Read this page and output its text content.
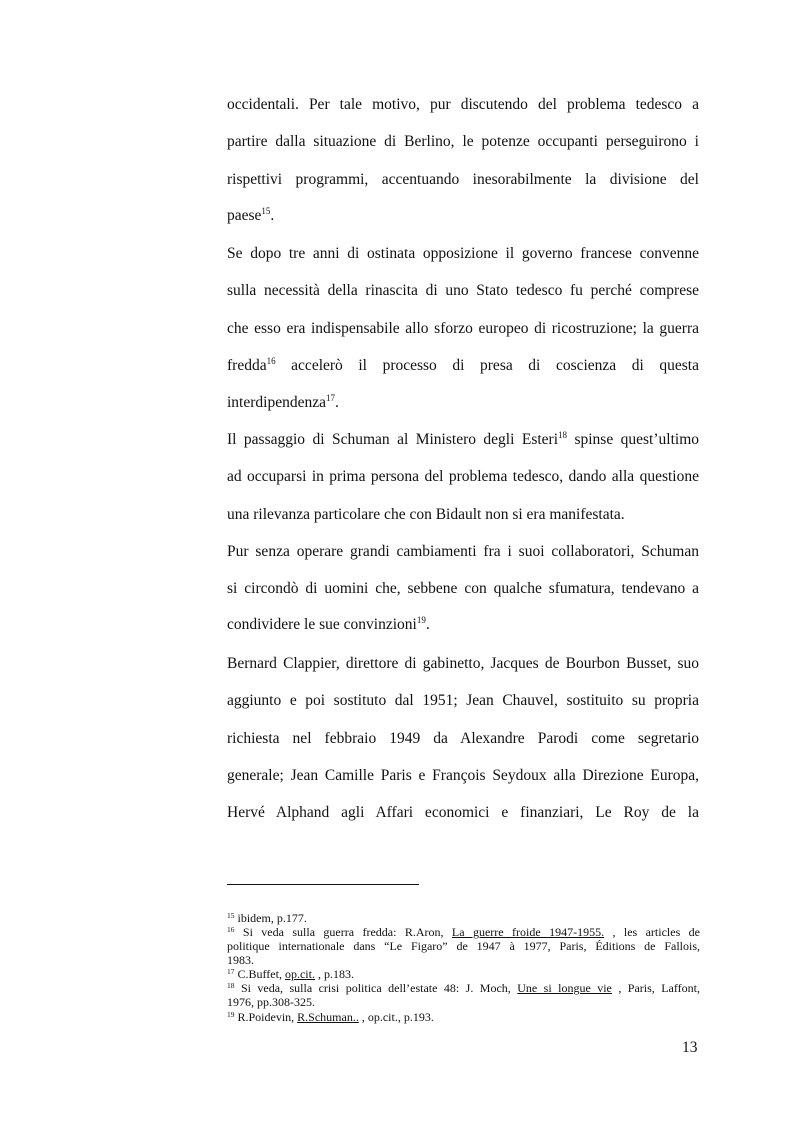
occidentali. Per tale motivo, pur discutendo del problema tedesco a
partire dalla situazione di Berlino, le potenze occupanti perseguirono i
rispettivi programmi, accentuando inesorabilmente la divisione del
paese$^{15}$.
Se dopo tre anni di ostinata opposizione il governo francese convenne
sulla necessità della rinascita di uno Stato tedesco fu perché comprese
che esso era indispensabile allo sforzo europeo di ricostruzione; la guerra
fredda$^{16}$ accelerò il processo di presa di coscienza di questa
interdipendenza$^{17}$.
Il passaggio di Schuman al Ministero degli Esteri$^{18}$ spinse quest’ultimo
ad occuparsi in prima persona del problema tedesco, dando alla questione
una rilevanza particolare che con Bidault non si era manifestata.
Pur senza operare grandi cambiamenti fra i suoi collaboratori, Schuman
si circondò di uomini che, sebbene con qualche sfumatura, tendevano a
condividere le sue convinzioni$^{19}$.
Bernard Clappier, direttore di gabinetto, Jacques de Bourbon Busset, suo
aggiunto e poi sostituto dal 1951; Jean Chauvel, sostituito su propria
richiesta nel febbraio 1949 da Alexandre Parodi come segretario
generale; Jean Camille Paris e François Seydoux alla Direzione Europa,
Hervé Alphand agli Affari economici e finanziari, Le Roy de la
$^{15}$ ibidem, p.177.
$^{16}$ Si veda sulla guerra fredda: R.Aron, La guerre froide 1947-1955. , les articles de
politique internationale dans “Le Figaro” de 1947 à 1977, Paris, Éditions de Fallois,
1983.
$^{17}$ C.Buffet, op.cit. , p.183.
$^{18}$ Si veda, sulla crisi politica dell’estate 48: J. Moch, Une si longue vie , Paris, Laffont,
1976, pp.308-325.
$^{19}$ R.Poidevin, R.Schuman.. , op.cit., p.193.
13
